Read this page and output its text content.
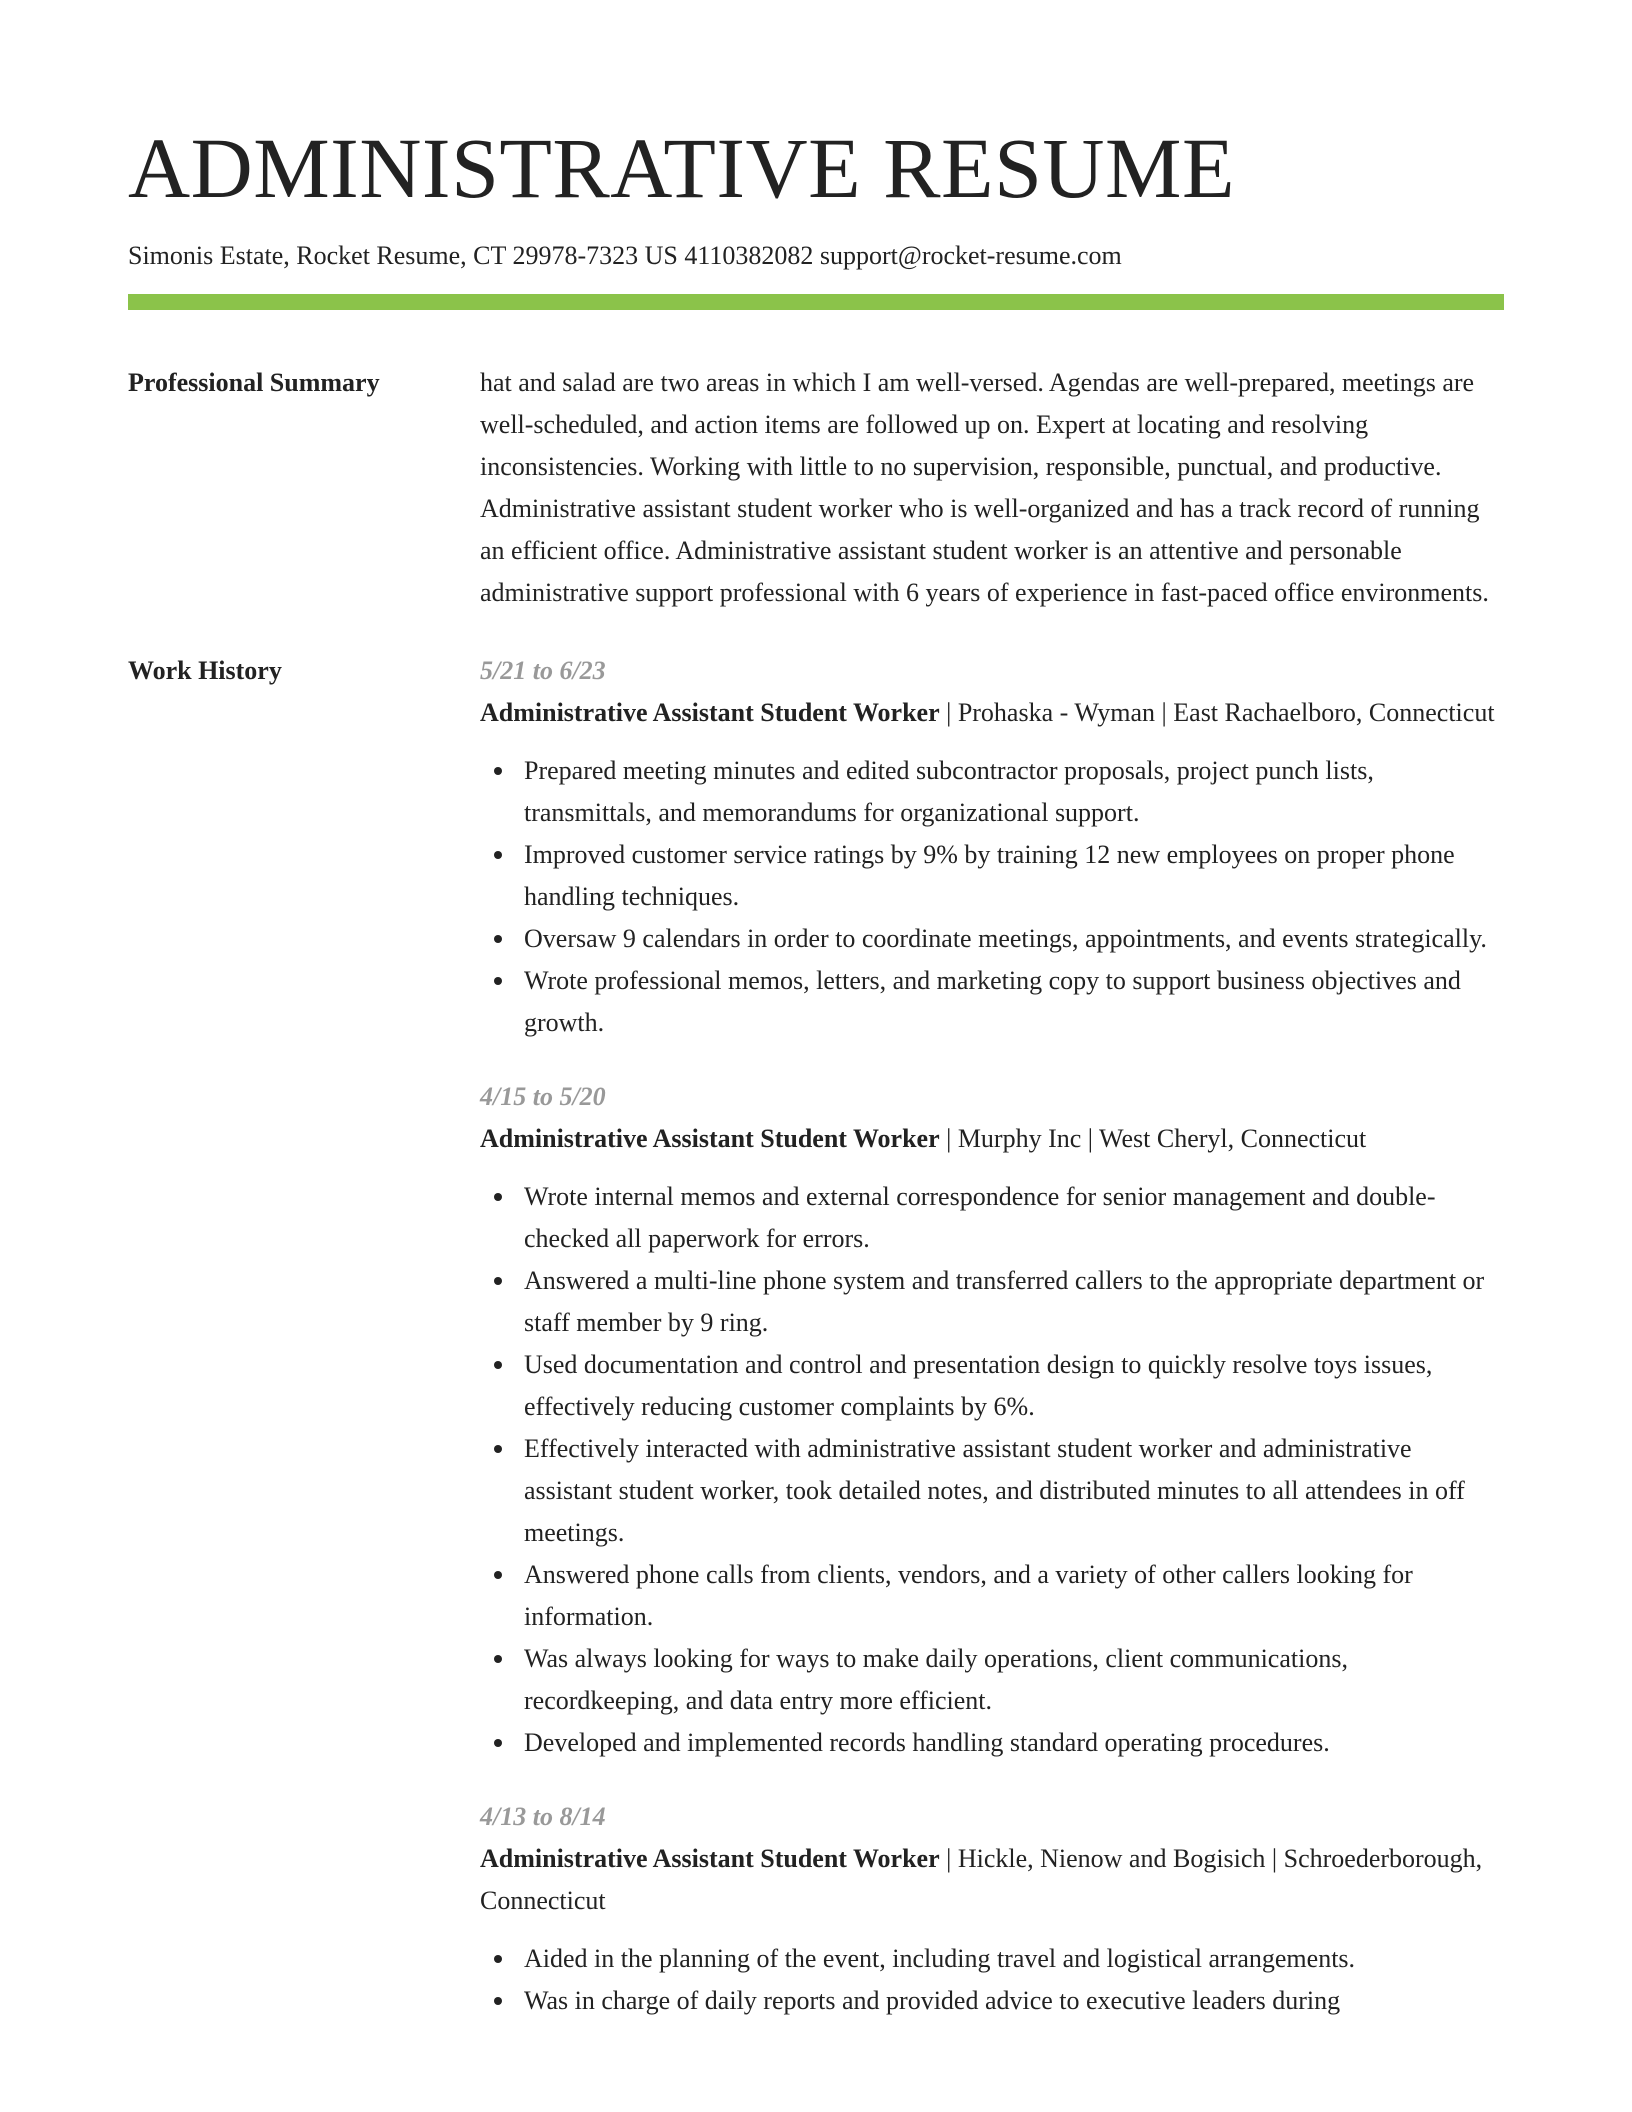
ADMINISTRATIVE RESUME
Simonis Estate, Rocket Resume, CT 29978-7323 US 4110382082 support@rocket-resume.com
Professional Summary	hat and salad are two areas in which I am well-versed. Agendas are well-prepared, meetings are well-scheduled, and action items are followed up on. Expert at locating and resolving inconsistencies. Working with little to no supervision, responsible, punctual, and productive. Administrative assistant student worker who is well-organized and has a track record of running an efficient office. Administrative assistant student worker is an attentive and personable administrative support professional with 6 years of experience in fast-paced office environments.

Work History	5/21 to 6/23

Administrative Assistant Student Worker | Prohaska - Wyman | East Rachaelboro, Connecticut

Prepared meeting minutes and edited subcontractor proposals, project punch lists, transmittals, and memorandums for organizational support.
Improved customer service ratings by 9% by training 12 new employees on proper phone handling techniques.
Oversaw 9 calendars in order to coordinate meetings, appointments, and events strategically.
Wrote professional memos, letters, and marketing copy to support business objectives and growth.
4/15 to 5/20

Administrative Assistant Student Worker | Murphy Inc | West Cheryl, Connecticut

Wrote internal memos and external correspondence for senior management and double-checked all paperwork for errors.
Answered a multi-line phone system and transferred callers to the appropriate department or staff member by 9 ring.
Used documentation and control and presentation design to quickly resolve toys issues, effectively reducing customer complaints by 6%.
Effectively interacted with administrative assistant student worker and administrative assistant student worker, took detailed notes, and distributed minutes to all attendees in off meetings.
Answered phone calls from clients, vendors, and a variety of other callers looking for information.
Was always looking for ways to make daily operations, client communications, recordkeeping, and data entry more efficient.
Developed and implemented records handling standard operating procedures.
4/13 to 8/14

Administrative Assistant Student Worker | Hickle, Nienow and Bogisich | Schroederborough, Connecticut

Aided in the planning of the event, including travel and logistical arrangements.
Was in charge of daily reports and provided advice to executive leaders during
